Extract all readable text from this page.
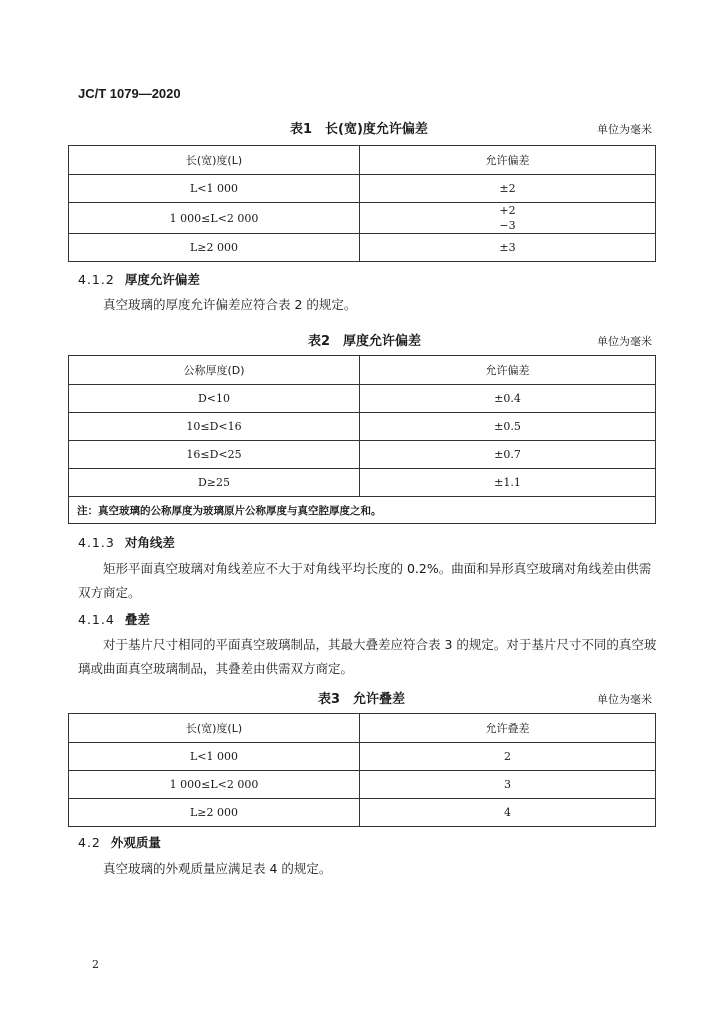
JC/T 1079—2020
表1　长(宽)度允许偏差	单位为毫米
长(宽)度(L)	允许偏差
L<1 000	±2
1 000≤L<2 000	+2
−3

L≥2 000	±3
4.1.2 厚度允许偏差
真空玻璃的厚度允许偏差应符合表 2 的规定。
表2　厚度允许偏差	单位为毫米
公称厚度(D)	允许偏差
D<10	±0.4
10≤D<16	±0.5
16≤D<25	±0.7
D≥25	±1.1
注：真空玻璃的公称厚度为玻璃原片公称厚度与真空腔厚度之和。	
4.1.3 对角线差
矩形平面真空玻璃对角线差应不大于对角线平均长度的 0.2%。曲面和异形真空玻璃对角线差由供需双方商定。
4.1.4 叠差
对于基片尺寸相同的平面真空玻璃制品，其最大叠差应符合表 3 的规定。对于基片尺寸不同的真空玻璃或曲面真空玻璃制品，其叠差由供需双方商定。
表3　允许叠差	单位为毫米
长(宽)度(L)	允许叠差
L<1 000	2
1 000≤L<2 000	3
L≥2 000	4
4.2 外观质量
真空玻璃的外观质量应满足表 4 的规定。
2
